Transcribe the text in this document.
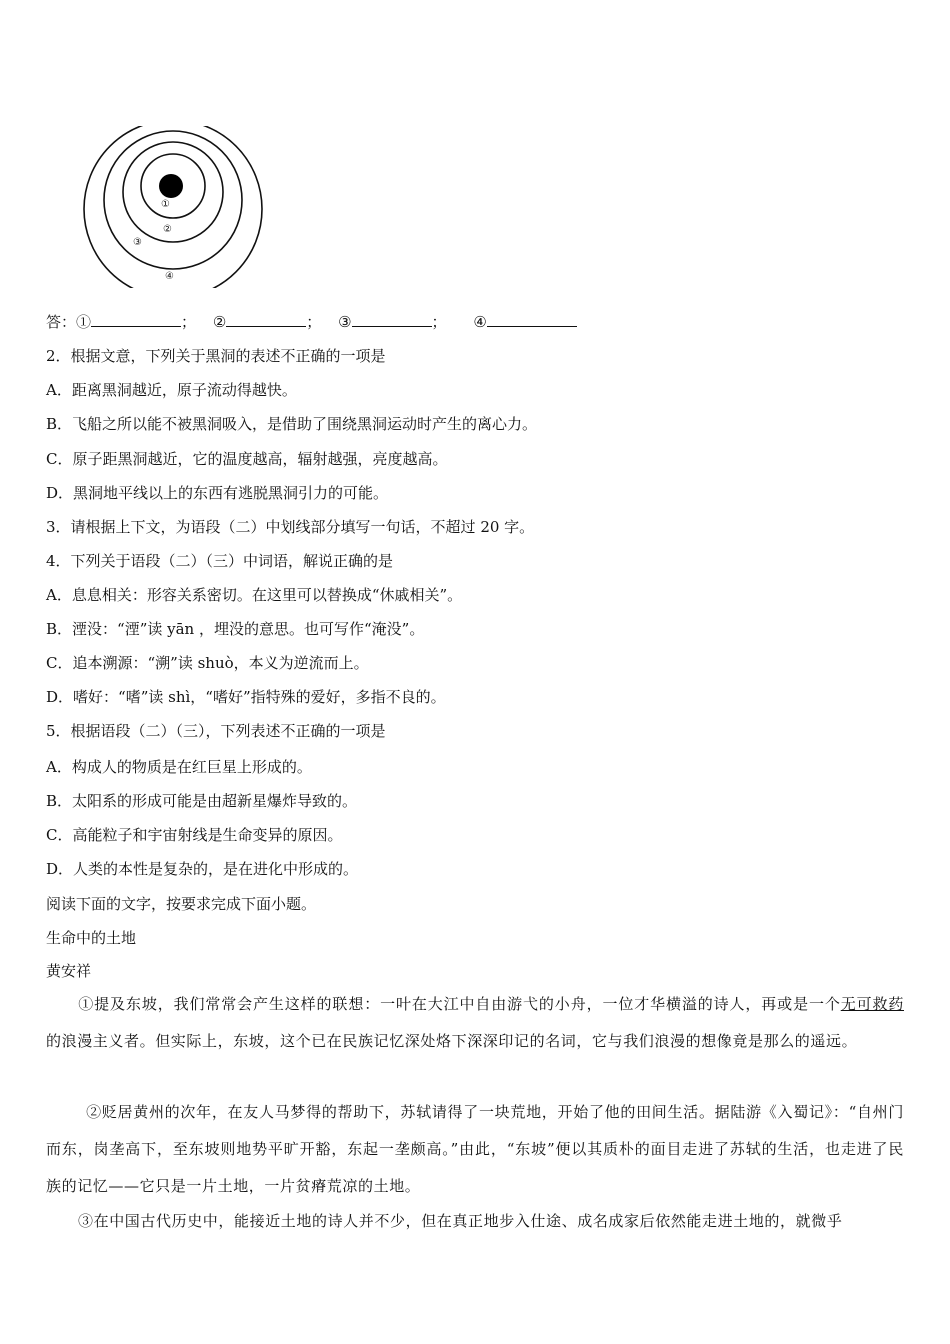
①
②
③
④
答：①	； ②	； ③	； ④
2．根据文意，下列关于黑洞的表述不正确的一项是
A．距离黑洞越近，原子流动得越快。
B．飞船之所以能不被黑洞吸入，是借助了围绕黑洞运动时产生的离心力。
C．原子距黑洞越近，它的温度越高，辐射越强，亮度越高。
D．黑洞地平线以上的东西有逃脱黑洞引力的可能。
3．请根据上下文，为语段（二）中划线部分填写一句话，不超过 20 字。
4．下列关于语段（二）（三）中词语，解说正确的是
A．息息相关：形容关系密切。在这里可以替换成“休戚相关”。
B．湮没：“湮”读 yān ，埋没的意思。也可写作“淹没”。
C．追本溯源：“溯”读 shuò，本义为逆流而上。
D．嗜好：“嗜”读 shì，“嗜好”指特殊的爱好，多指不良的。
5．根据语段（二）（三），下列表述不正确的一项是
A．构成人的物质是在红巨星上形成的。
B．太阳系的形成可能是由超新星爆炸导致的。
C．高能粒子和宇宙射线是生命变异的原因。
D．人类的本性是复杂的，是在进化中形成的。
阅读下面的文字，按要求完成下面小题。
生命中的土地
黄安祥
①提及东坡，我们常常会产生这样的联想：一叶在大江中自由游弋的小舟，一位才华横溢的诗人，再或是一个无可救药的浪漫主义者。但实际上，东坡，这个已在民族记忆深处烙下深深印记的名词，它与我们浪漫的想像竟是那么的遥远。
②贬居黄州的次年，在友人马梦得的帮助下，苏轼请得了一块荒地，开始了他的田间生活。据陆游《入蜀记》：“自州门而东，岗垄高下，至东坡则地势平旷开豁，东起一垄颇高。”由此，“东坡”便以其质朴的面目走进了苏轼的生活，也走进了民族的记忆——它只是一片土地，一片贫瘠荒凉的土地。
③在中国古代历史中，能接近土地的诗人并不少，但在真正地步入仕途、成名成家后依然能走进土地的，就微乎
